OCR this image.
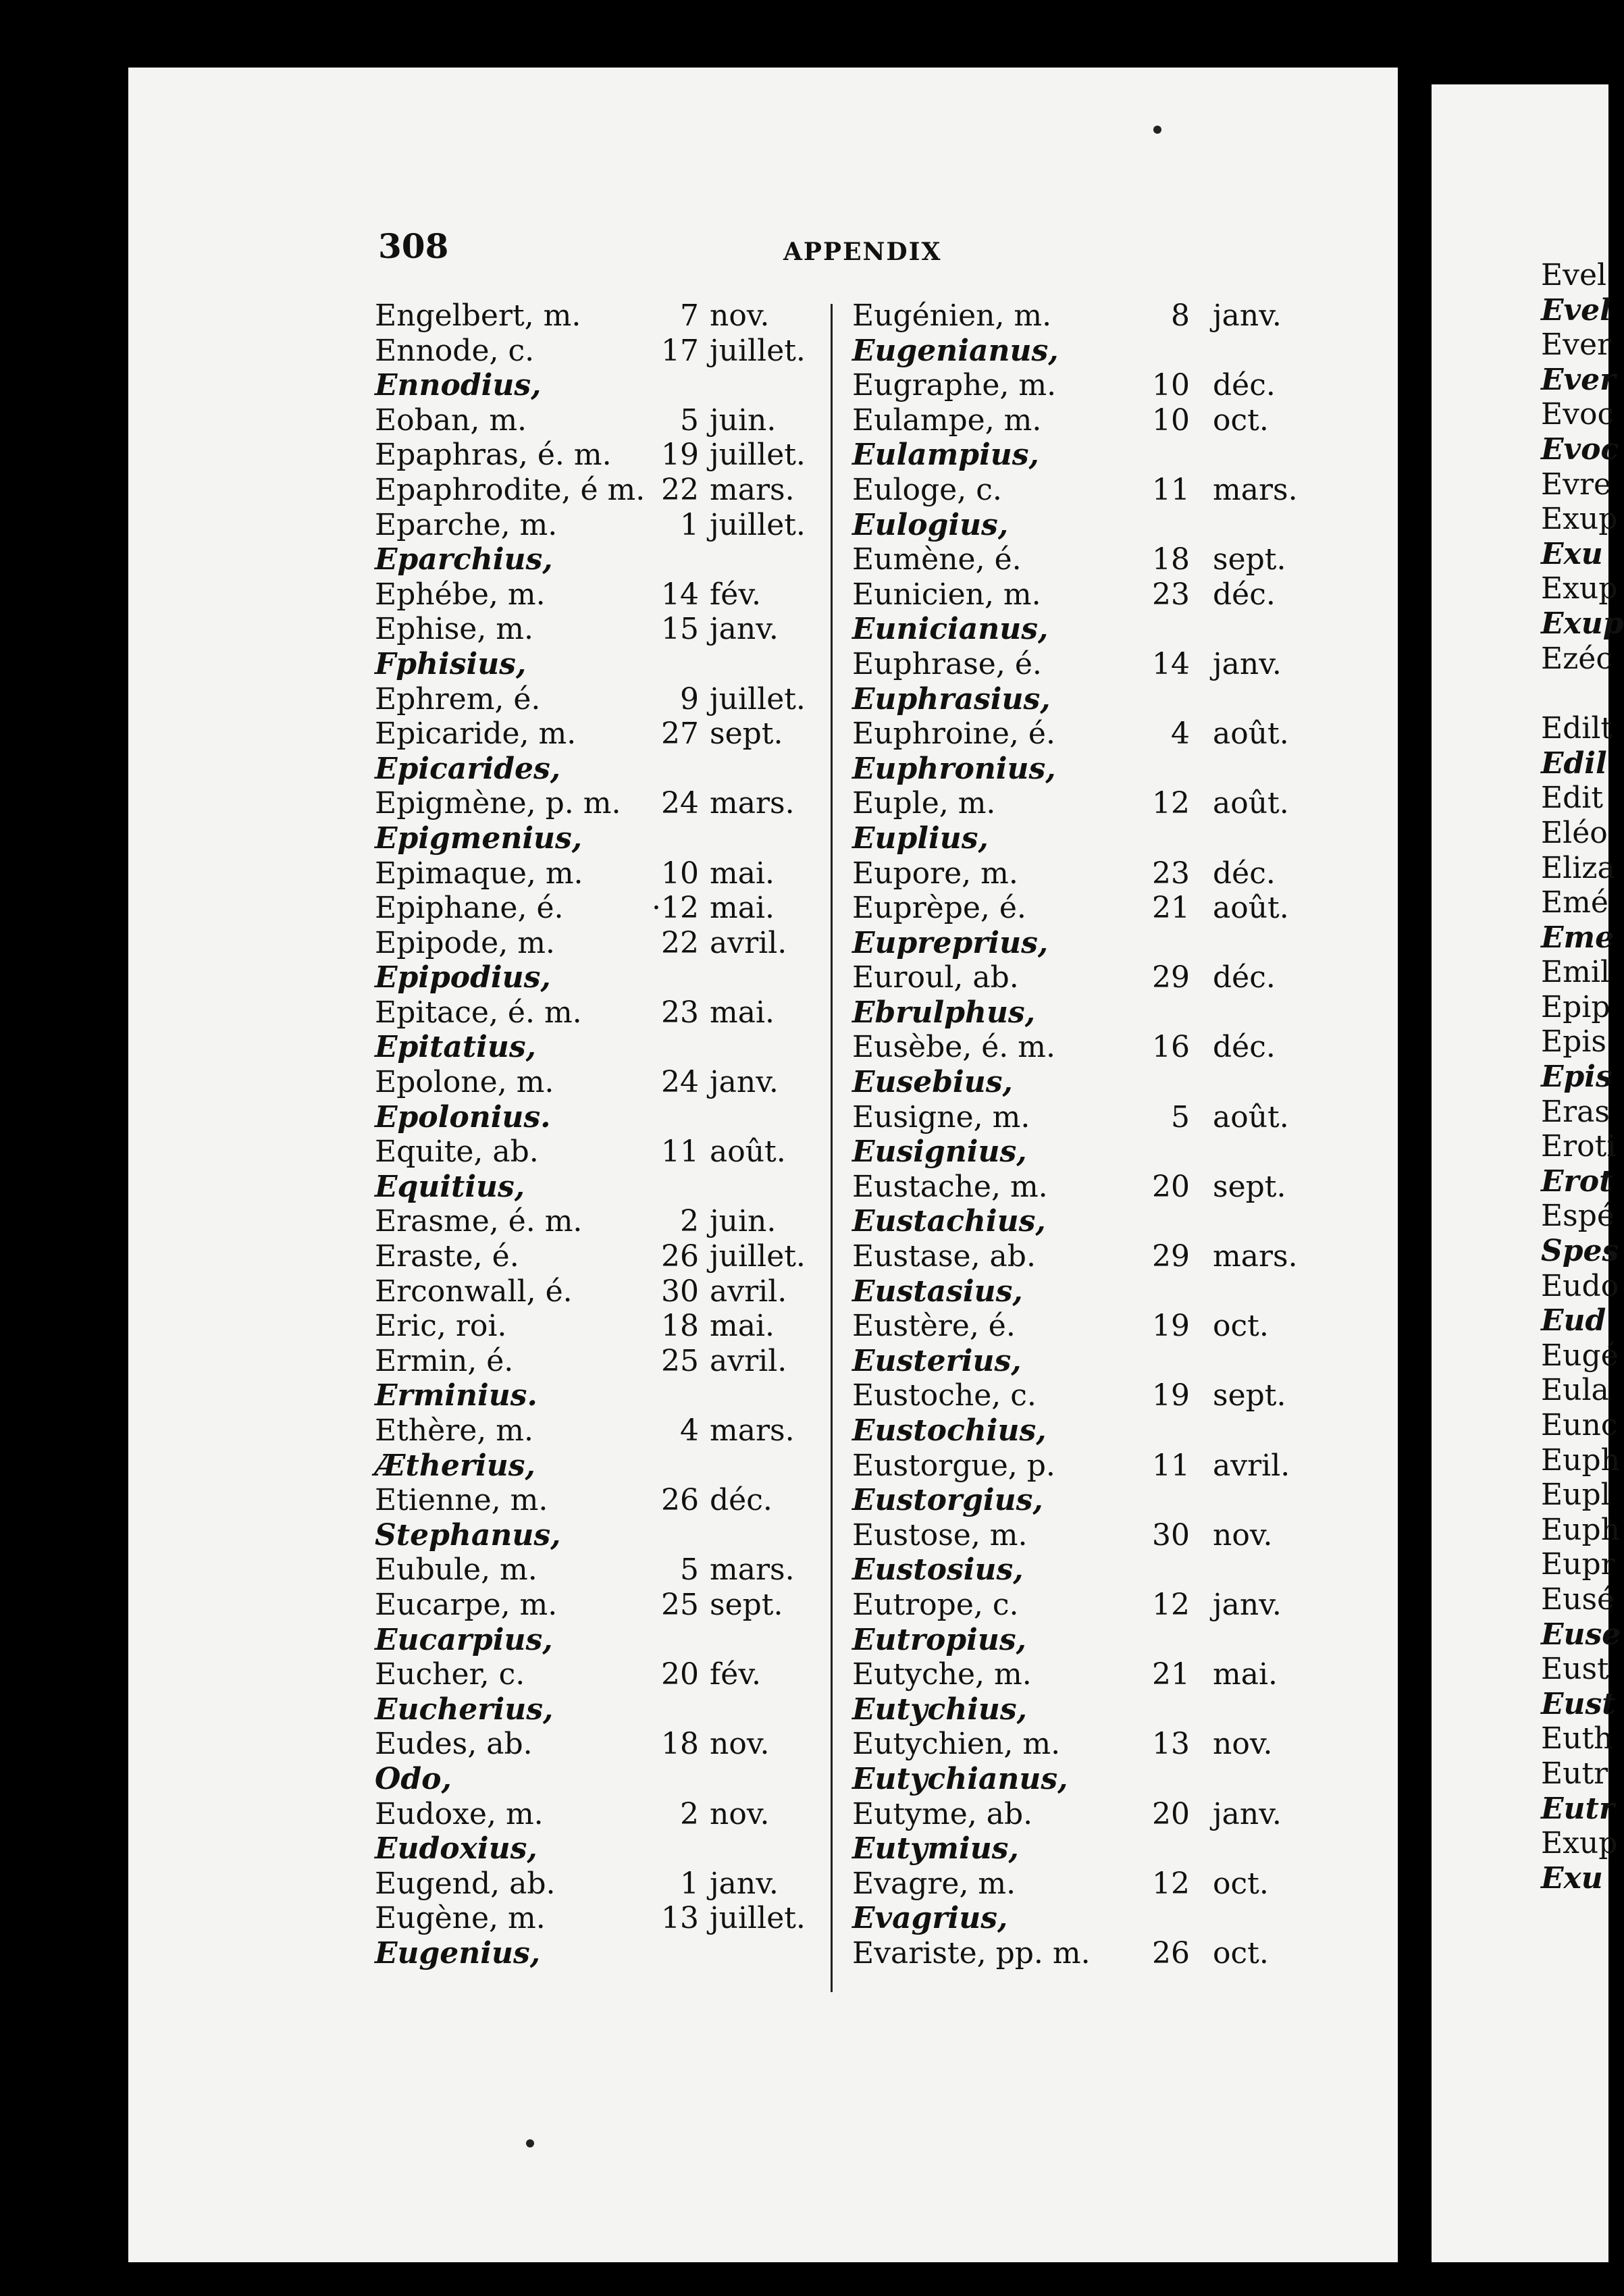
308	APPENDIX
Engelbert, m.	7 nov.
Ennode, c.	17 juillet.
Ennodius,
Eoban, m.	5 juin.
Epaphras, é. m.	19 juillet.
Epaphrodite, é m. 22 mars.
Eparche, m.	1 juillet.
Eparchius,
Ephébe, m.	14 fév.
Ephise, m.	15 janv.
Fphisius,
Ephrem, é.	9 juillet.
Epicaride, m.	27 sept.
Epicarides,
Epigmène, p. m.	24 mars.
Epigmenius,
Epimaque, m.	10 mai.
Epiphane, é.	·12 mai.
Epipode, m.	22 avril.
Epipodius,
Epitace, é. m.	23 mai.
Epitatius,
Epolone, m.	24 janv.
Epolonius.
Equite, ab.	11 août.
Equitius,
Erasme, é. m.	2 juin.
Eraste, é.	26 juillet.
Erconwall, é.	30 avril.
Eric, roi.	18 mai.
Ermin, é.	25 avril.
Erminius.
Ethère, m.	4 mars.
Ætherius,
Etienne, m.	26 déc.
Stephanus,
Eubule, m.	5 mars.
Eucarpe, m.	25 sept.
Eucarpius,
Eucher, c.	20 fév.
Eucherius,
Eudes, ab.	18 nov.
Odo,
Eudoxe, m.	2 nov.
Eudoxius,
Eugend, ab.	1 janv.
Eugène, m.	13 juillet.
Eugenius,
Eugénien, m.	8 janv.
Eugenianus,
Eugraphe, m.	10 déc.
Eulampe, m.	10 oct.
Eulampius,
Euloge, c.	11 mars.
Eulogius,
Eumène, é.	18 sept.
Eunicien, m.	23 déc.
Eunicianus,
Euphrase, é.	14 janv.
Euphrasius,
Euphroine, é.	4 août.
Euphronius,
Euple, m.	12 août.
Euplius,
Eupore, m.	23 déc.
Euprèpe, é.	21 août.
Eupreprius,
Euroul, ab.	29 déc.
Ebrulphus,
Eusèbe, é. m.	16 déc.
Eusebius,
Eusigne, m.	5 août.
Eusignius,
Eustache, m.	20 sept.
Eustachius,
Eustase, ab.	29 mars.
Eustasius,
Eustère, é.	19 oct.
Eusterius,
Eustoche, c.	19 sept.
Eustochius,
Eustorgue, p.	11 avril.
Eustorgius,
Eustose, m.	30 nov.
Eustosius,
Eutrope, c.	12 janv.
Eutropius,
Eutyche, m.	21 mai.
Eutychius,
Eutychien, m.	13 nov.
Eutychianus,
Eutyme, ab.	20 janv.
Eutymius,
Evagre, m.	12 oct.
Evagrius,
Evariste, pp. m.	26 oct.
Evel
Evel
Ever
Ever
Evoc
Evoc
Evre
Exup
Exu
Exup
Exup
Ezéc
Edilt
Edil
Edit
Eléo
Eliza
Emé
Eme
Emil
Epip
Epis
Epis
Eras
Eroti
Erot
Espé
Spes
Eudo
Eud
Eugé
Eula
Eunc
Euph
Eupl
Euph
Eupr
Eusé
Euse
Eust
Eust
Euth
Eutr
Eutr
Exup
Exu
